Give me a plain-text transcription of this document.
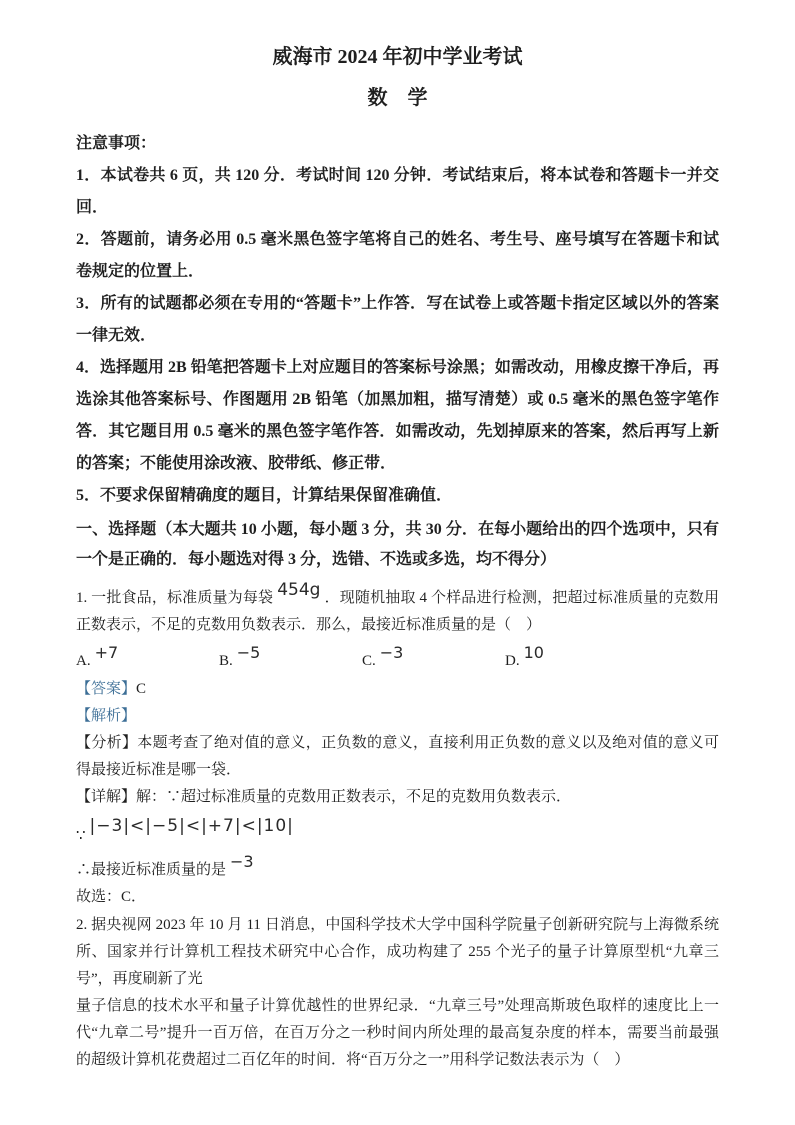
威海市 2024 年初中学业考试
数　学

注意事项：

1．本试卷共 6 页，共 120 分．考试时间 120 分钟．考试结束后，将本试卷和答题卡一并交回．

2．答题前，请务必用 0.5 毫米黑色签字笔将自己的姓名、考生号、座号填写在答题卡和试卷规定的位置上．

3．所有的试题都必须在专用的“答题卡”上作答．写在试卷上或答题卡指定区域以外的答案一律无效．

4．选择题用 2B 铅笔把答题卡上对应题目的答案标号涂黑；如需改动，用橡皮擦干净后，再选涂其他答案标号、作图题用 2B 铅笔（加黑加粗，描写清楚）或 0.5 毫米的黑色签字笔作答．其它题目用 0.5 毫米的黑色签字笔作答．如需改动，先划掉原来的答案，然后再写上新的答案；不能使用涂改液、胶带纸、修正带．

5．不要求保留精确度的题目，计算结果保留准确值．

一、选择题（本大题共 10 小题，每小题 3 分，共 30 分．在每小题给出的四个选项中，只有一个是正确的．每小题选对得 3 分，选错、不选或多选，均不得分）

1. 一批食品，标准质量为每袋 454g ．现随机抽取 4 个样品进行检测，把超过标准质量的克数用正数表示，不足的克数用负数表示．那么，最接近标准质量的是（　）

A. +7	B. −5	C. −3	D. 10

【答案】C

【解析】

【分析】本题考查了绝对值的意义，正负数的意义，直接利用正负数的意义以及绝对值的意义可得最接近标准是哪一袋．

【详解】解：∵超过标准质量的克数用正数表示，不足的克数用负数表示．

∵ |−3|<|−5|<|+7|<|10|

∴最接近标准质量的是 −3

故选：C．

2. 据央视网 2023 年 10 月 11 日消息，中国科学技术大学中国科学院量子创新研究院与上海微系统所、国家并行计算机工程技术研究中心合作，成功构建了 255 个光子的量子计算原型机“九章三号”，再度刷新了光

量子信息的技术水平和量子计算优越性的世界纪录．“九章三号”处理高斯玻色取样的速度比上一代“九章二号”提升一百万倍，在百万分之一秒时间内所处理的最高复杂度的样本，需要当前最强的超级计算机花费超过二百亿年的时间．将“百万分之一”用科学记数法表示为（　）
